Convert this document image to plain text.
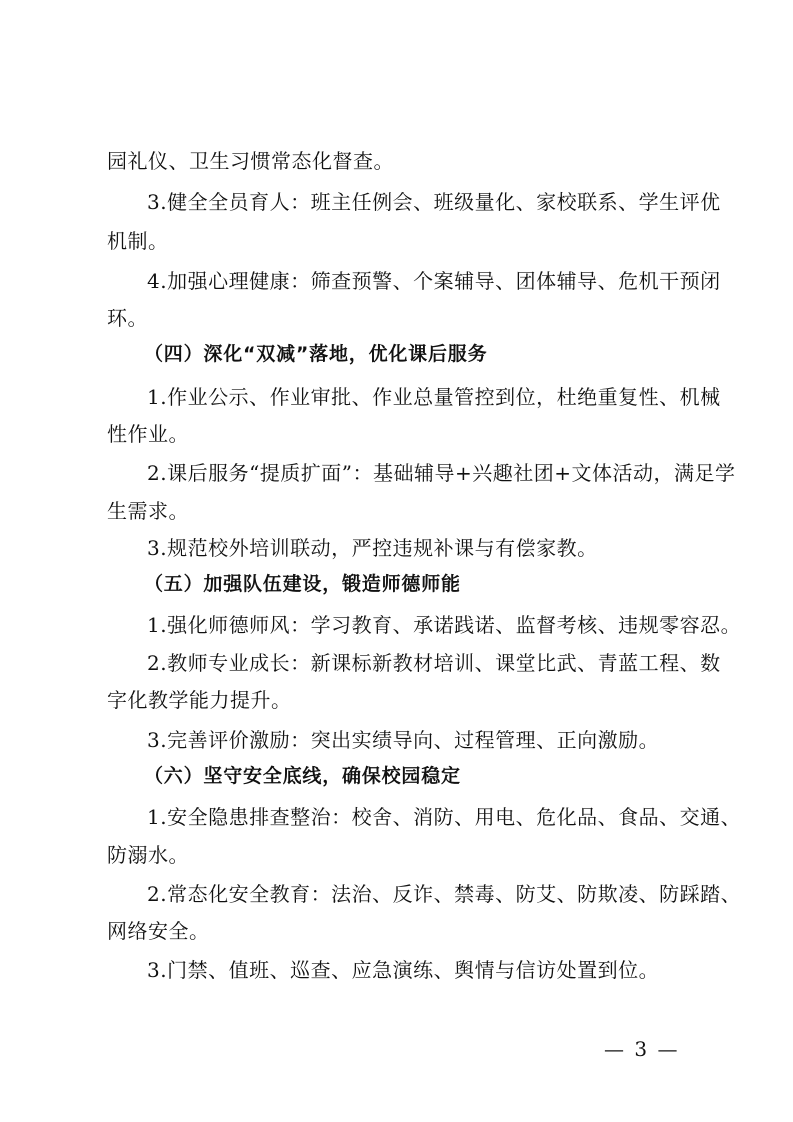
园礼仪、卫生习惯常态化督查。
3.健全全员育人：班主任例会、班级量化、家校联系、学生评优
机制。
4.加强心理健康：筛查预警、个案辅导、团体辅导、危机干预闭
环。
（四）深化“双减”落地，优化课后服务
1.作业公示、作业审批、作业总量管控到位，杜绝重复性、机械
性作业。
2.课后服务“提质扩面”：基础辅导+兴趣社团+文体活动，满足学
生需求。
3.规范校外培训联动，严控违规补课与有偿家教。
（五）加强队伍建设，锻造师德师能
1.强化师德师风：学习教育、承诺践诺、监督考核、违规零容忍。
2.教师专业成长：新课标新教材培训、课堂比武、青蓝工程、数
字化教学能力提升。
3.完善评价激励：突出实绩导向、过程管理、正向激励。
（六）坚守安全底线，确保校园稳定
1.安全隐患排查整治：校舍、消防、用电、危化品、食品、交通、
防溺水。
2.常态化安全教育：法治、反诈、禁毒、防艾、防欺凌、防踩踏、
网络安全。
3.门禁、值班、巡查、应急演练、舆情与信访处置到位。
— 3 —
